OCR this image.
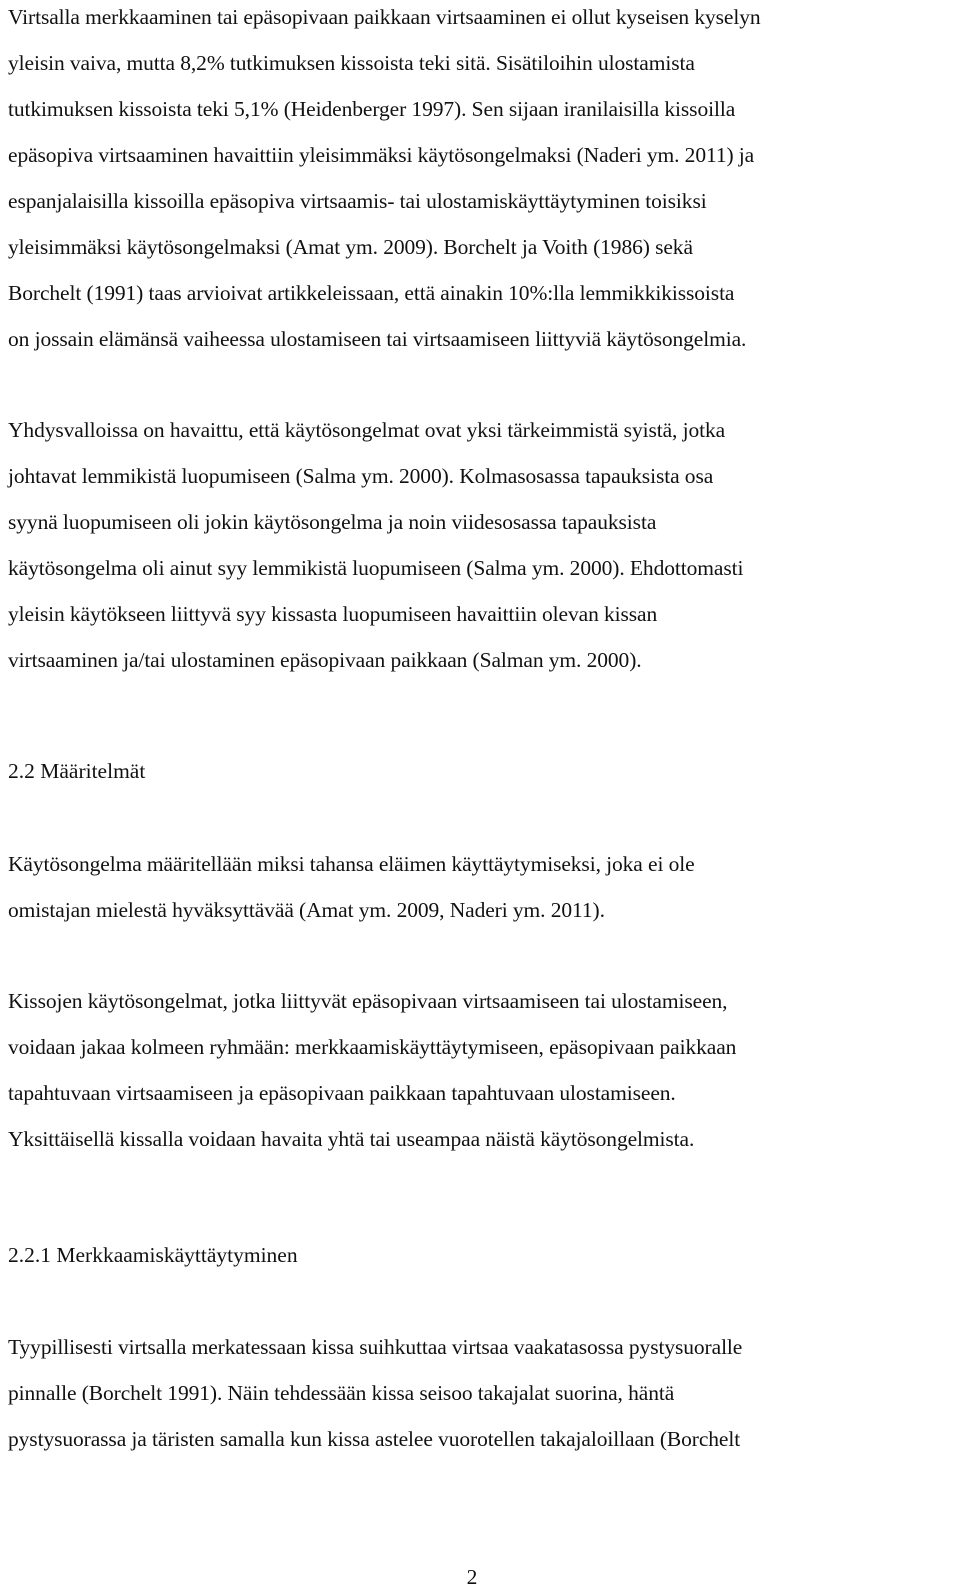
Virtsalla merkkaaminen tai epäsopivaan paikkaan virtsaaminen ei ollut kyseisen kyselyn
yleisin vaiva, mutta 8,2% tutkimuksen kissoista teki sitä. Sisätiloihin ulostamista
tutkimuksen kissoista teki 5,1% (Heidenberger 1997). Sen sijaan iranilaisilla kissoilla
epäsopiva virtsaaminen havaittiin yleisimmäksi käytösongelmaksi (Naderi ym. 2011) ja
espanjalaisilla kissoilla epäsopiva virtsaamis- tai ulostamiskäyttäytyminen toisiksi
yleisimmäksi käytösongelmaksi (Amat ym. 2009). Borchelt ja Voith (1986) sekä
Borchelt (1991) taas arvioivat artikkeleissaan, että ainakin 10%:lla lemmikkikissoista
on jossain elämänsä vaiheessa ulostamiseen tai virtsaamiseen liittyviä käytösongelmia.
Yhdysvalloissa on havaittu, että käytösongelmat ovat yksi tärkeimmistä syistä, jotka
johtavat lemmikistä luopumiseen (Salma ym. 2000). Kolmasosassa tapauksista osa
syynä luopumiseen oli jokin käytösongelma ja noin viidesosassa tapauksista
käytösongelma oli ainut syy lemmikistä luopumiseen (Salma ym. 2000). Ehdottomasti
yleisin käytökseen liittyvä syy kissasta luopumiseen havaittiin olevan kissan
virtsaaminen ja/tai ulostaminen epäsopivaan paikkaan (Salman ym. 2000).
2.2 Määritelmät
Käytösongelma määritellään miksi tahansa eläimen käyttäytymiseksi, joka ei ole
omistajan mielestä hyväksyttävää (Amat ym. 2009, Naderi ym. 2011).
Kissojen käytösongelmat, jotka liittyvät epäsopivaan virtsaamiseen tai ulostamiseen,
voidaan jakaa kolmeen ryhmään: merkkaamiskäyttäytymiseen, epäsopivaan paikkaan
tapahtuvaan virtsaamiseen ja epäsopivaan paikkaan tapahtuvaan ulostamiseen.
Yksittäisellä kissalla voidaan havaita yhtä tai useampaa näistä käytösongelmista.
2.2.1 Merkkaamiskäyttäytyminen
Tyypillisesti virtsalla merkatessaan kissa suihkuttaa virtsaa vaakatasossa pystysuoralle
pinnalle (Borchelt 1991). Näin tehdessään kissa seisoo takajalat suorina, häntä
pystysuorassa ja täristen samalla kun kissa astelee vuorotellen takajaloillaan (Borchelt
2
